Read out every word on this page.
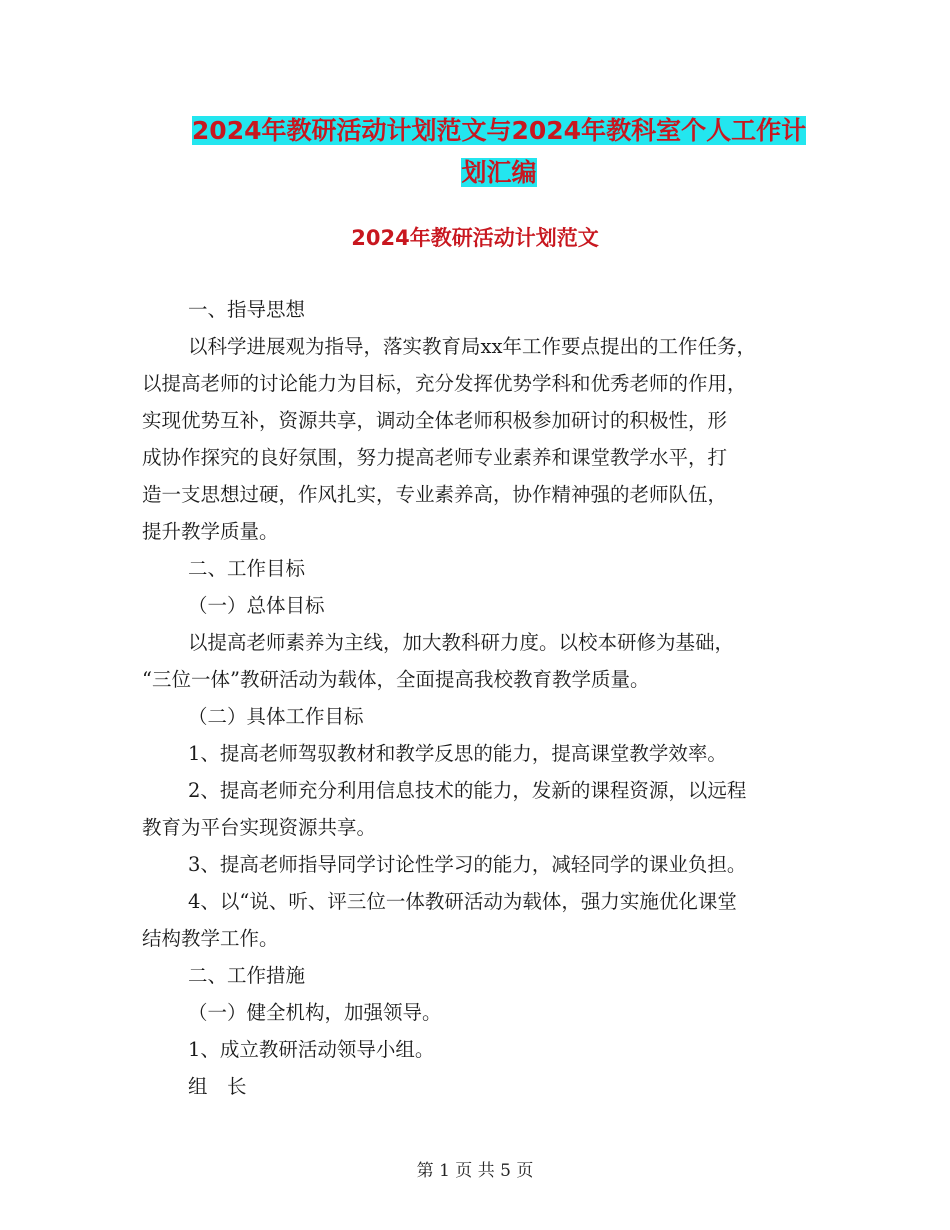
2024年教研活动计划范文与2024年教科室个人工作计
划汇编
2024年教研活动计划范文
一、指导思想
以科学进展观为指导，落实教育局xx年工作要点提出的工作任务，
以提高老师的讨论能力为目标，充分发挥优势学科和优秀老师的作用，
实现优势互补，资源共享，调动全体老师积极参加研讨的积极性，形
成协作探究的良好氛围，努力提高老师专业素养和课堂教学水平，打
造一支思想过硬，作风扎实，专业素养高，协作精神强的老师队伍，
提升教学质量。
二、工作目标
（一）总体目标
以提高老师素养为主线，加大教科研力度。以校本研修为基础，
“三位一体”教研活动为载体，全面提高我校教育教学质量。
（二）具体工作目标
1、提高老师驾驭教材和教学反思的能力，提高课堂教学效率。
2、提高老师充分利用信息技术的能力，发新的课程资源，以远程
教育为平台实现资源共享。
3、提高老师指导同学讨论性学习的能力，减轻同学的课业负担。
4、以“说、听、评三位一体教研活动为载体，强力实施优化课堂
结构教学工作。
二、工作措施
（一）健全机构，加强领导。
1、成立教研活动领导小组。
组　长
第 1 页 共 5 页
